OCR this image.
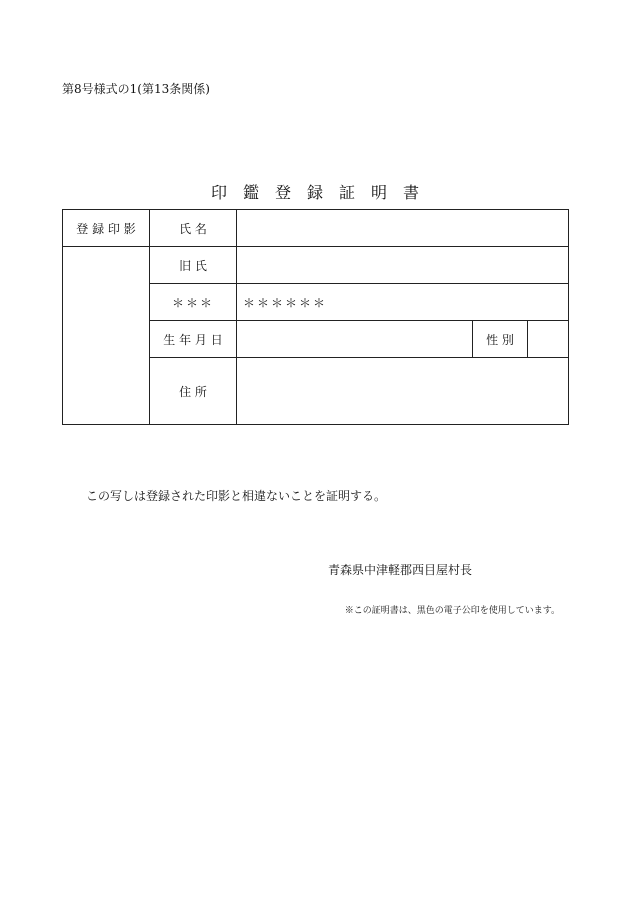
第8号様式の1(第13条関係)
印　鑑　登　録　証　明　書
登 録 印 影	氏 名			
	旧 氏			
	＊＊＊	＊＊＊＊＊＊		
	生 年 月 日		性 別	
	住 所			
この写しは登録された印影と相違ないことを証明する。
青森県中津軽郡西目屋村長
※この証明書は、黒色の電子公印を使用しています。
